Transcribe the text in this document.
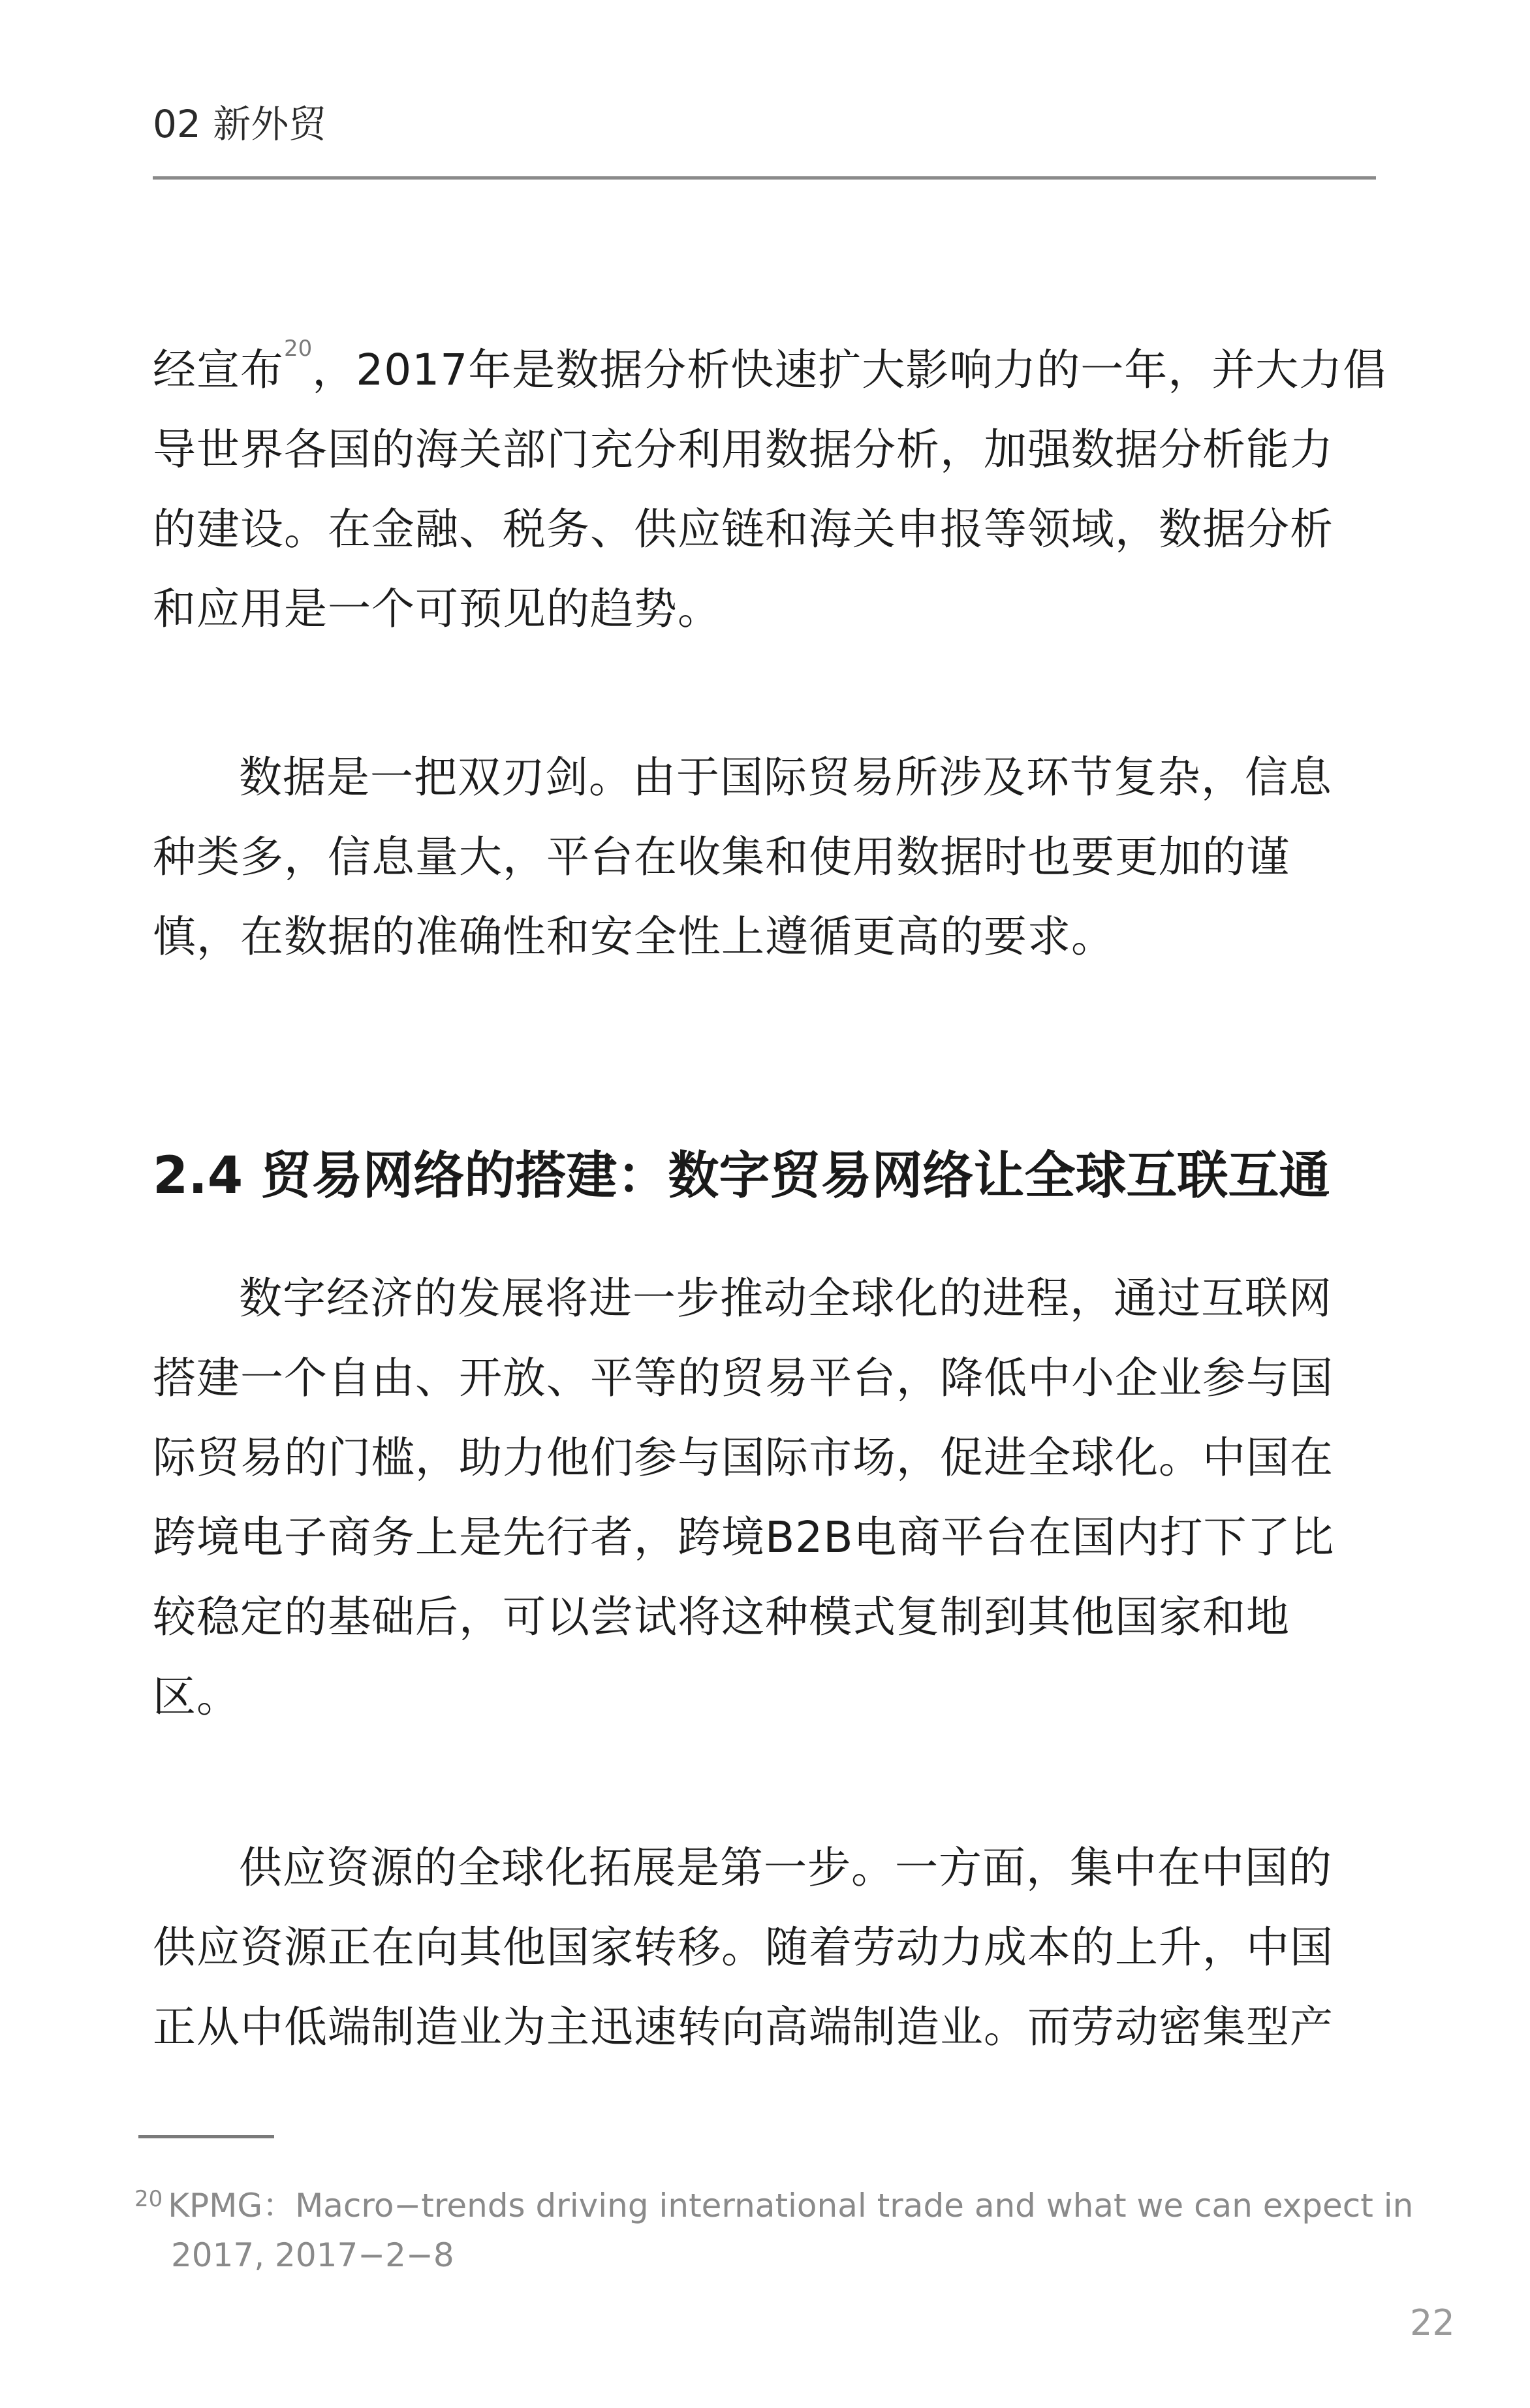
02 新外贸

经宣布$^{20}$，2017年是数据分析快速扩大影响力的一年，并大力倡
导世界各国的海关部门充分利用数据分析，加强数据分析能力
的建设。在金融、税务、供应链和海关申报等领域，数据分析
和应用是一个可预见的趋势。

数据是一把双刃剑。由于国际贸易所涉及环节复杂，信息
种类多，信息量大，平台在收集和使用数据时也要更加的谨
慎，在数据的准确性和安全性上遵循更高的要求。

2.4 贸易网络的搭建：数字贸易网络让全球互联互通

数字经济的发展将进一步推动全球化的进程，通过互联网
搭建一个自由、开放、平等的贸易平台，降低中小企业参与国
际贸易的门槛，助力他们参与国际市场，促进全球化。中国在
跨境电子商务上是先行者，跨境B2B电商平台在国内打下了比
较稳定的基础后，可以尝试将这种模式复制到其他国家和地
区。

供应资源的全球化拓展是第一步。一方面，集中在中国的
供应资源正在向其他国家转移。随着劳动力成本的上升，中国
正从中低端制造业为主迅速转向高端制造业。而劳动密集型产

$^{20}$ KPMG：Macro−trends driving international trade and what we can expect in
2017, 2017−2−8
22
